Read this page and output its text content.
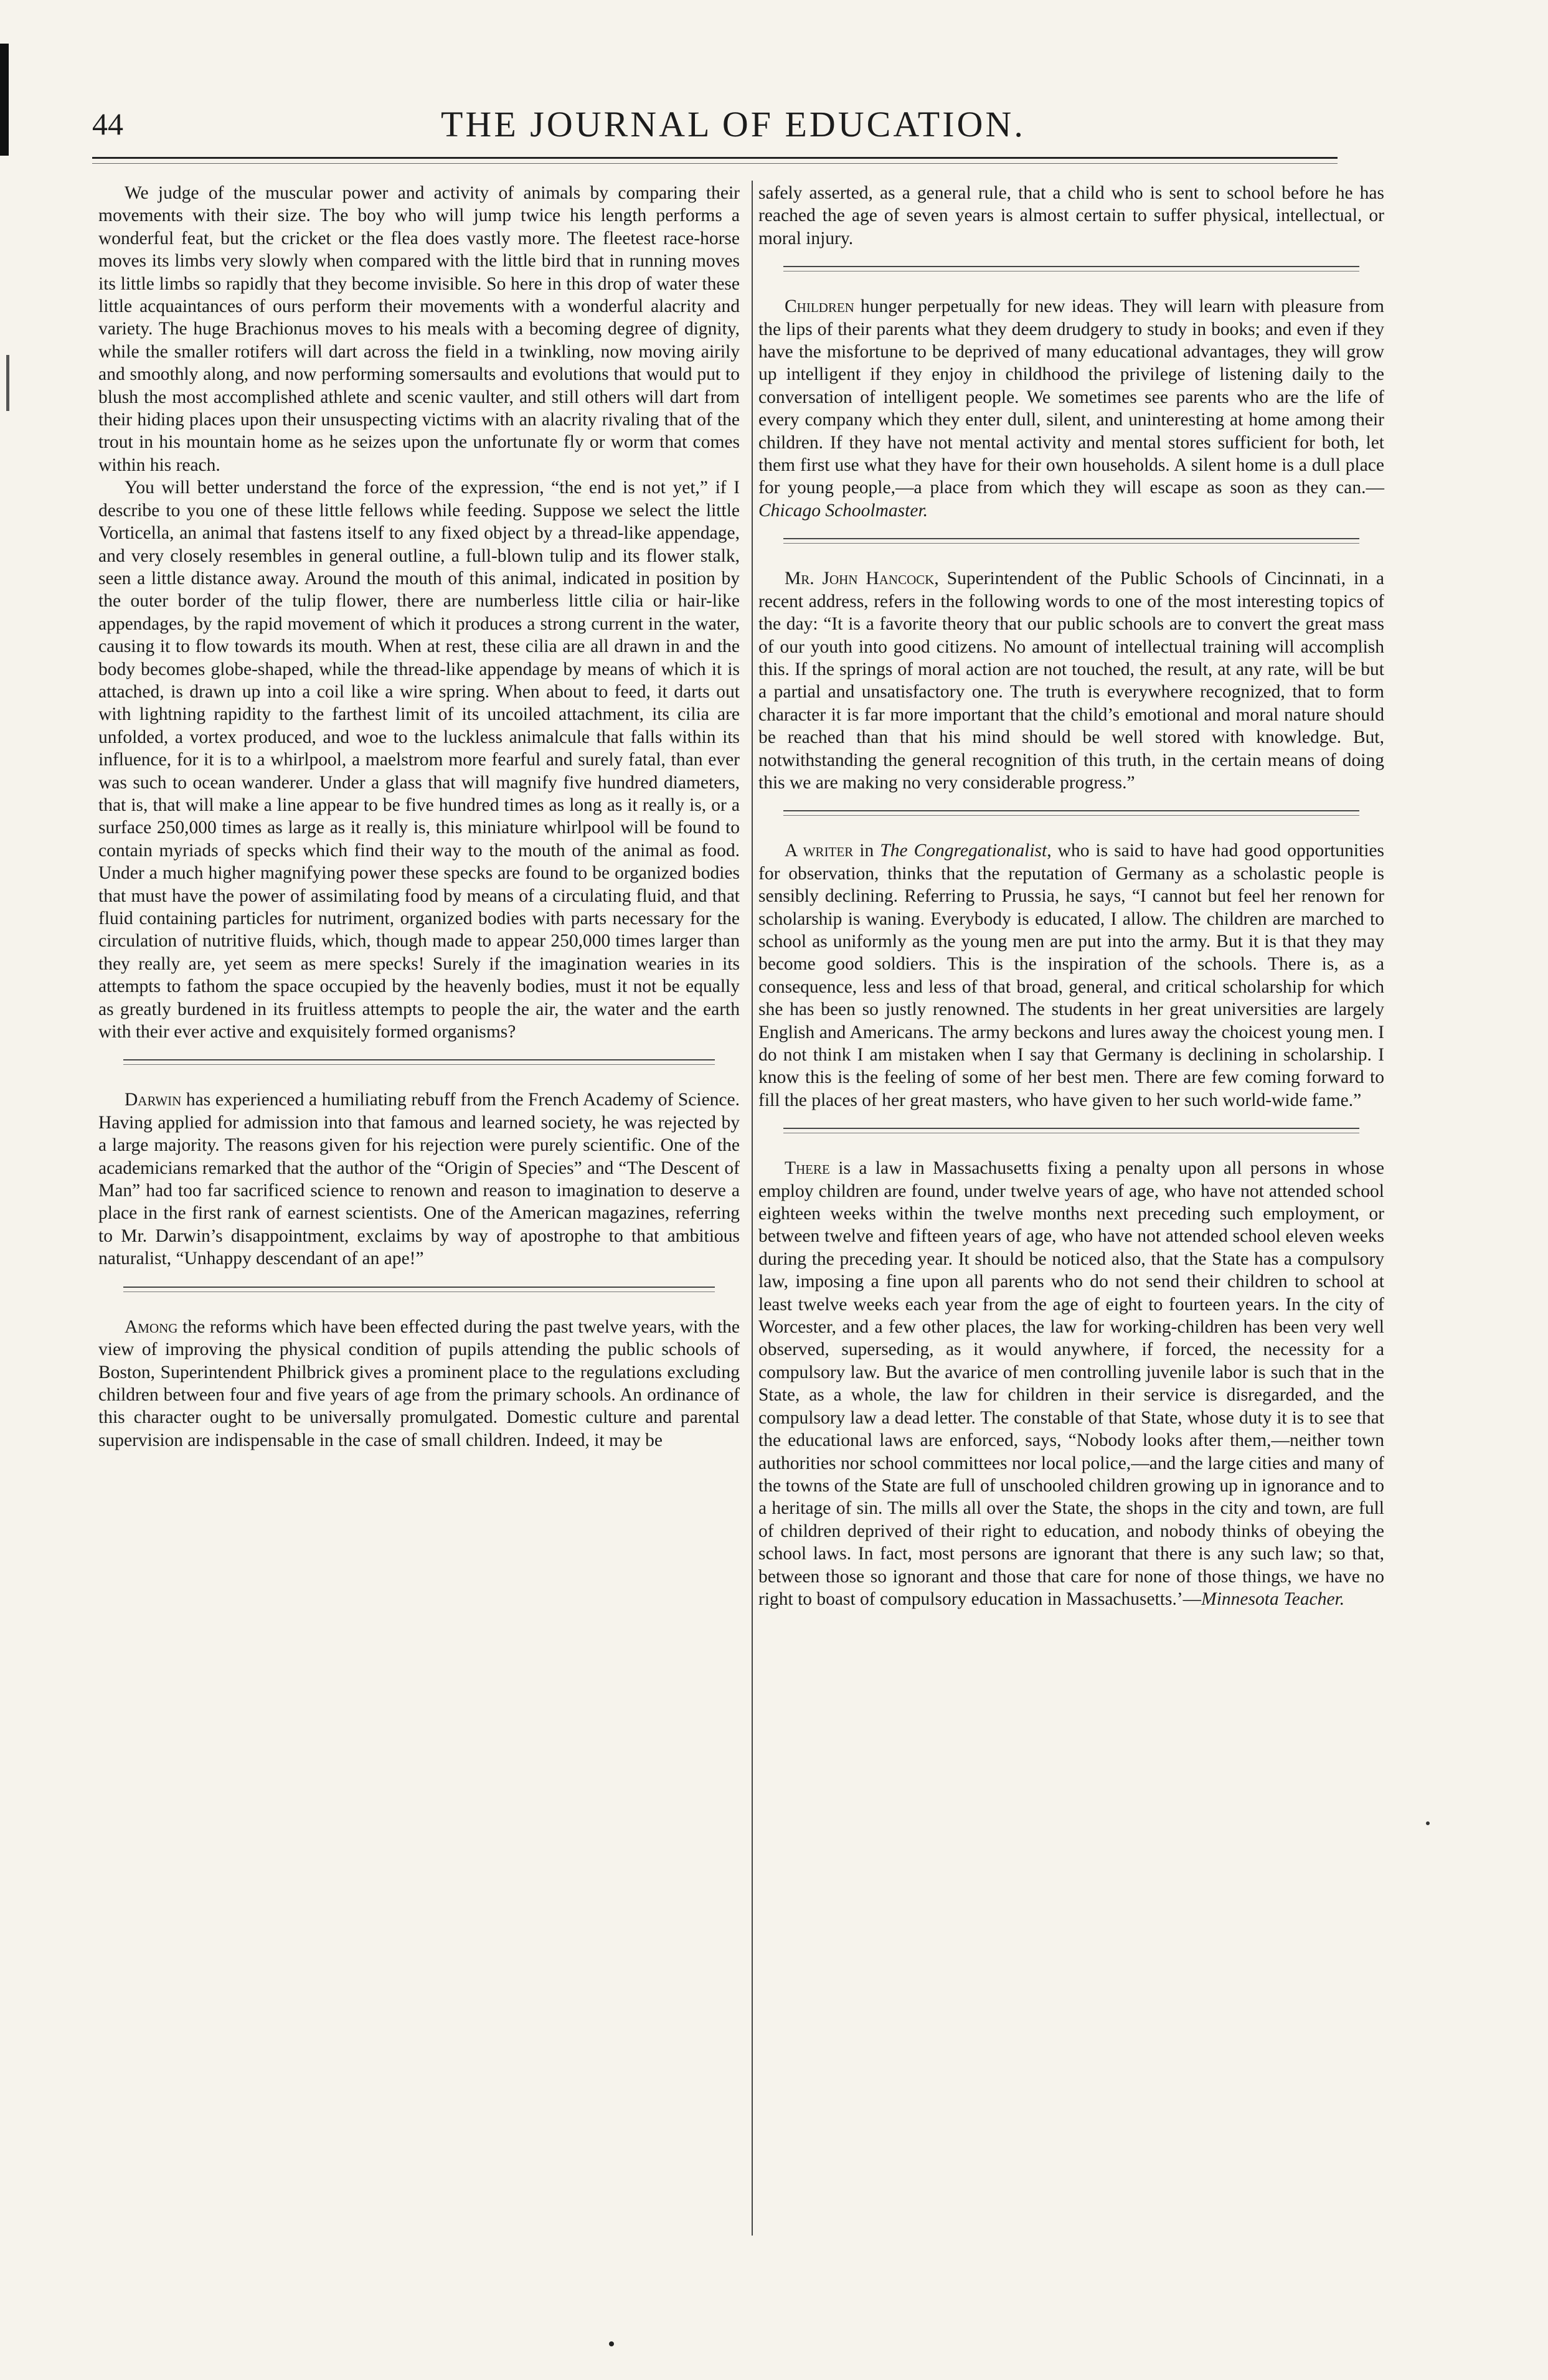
44	THE JOURNAL OF EDUCATION.

We judge of the muscular power and activity of animals by comparing their movements with their size. The boy who will jump twice his length performs a wonderful feat, but the cricket or the flea does vastly more. The fleetest race-horse moves its limbs very slowly when compared with the little bird that in running moves its little limbs so rapidly that they become invisible. So here in this drop of water these little acquaintances of ours perform their movements with a wonderful alacrity and variety. The huge Brachionus moves to his meals with a becoming degree of dignity, while the smaller rotifers will dart across the field in a twinkling, now moving airily and smoothly along, and now performing somersaults and evolutions that would put to blush the most accomplished athlete and scenic vaulter, and still others will dart from their hiding places upon their unsuspecting victims with an alacrity rivaling that of the trout in his mountain home as he seizes upon the unfortunate fly or worm that comes within his reach.

You will better understand the force of the expression, “the end is not yet,” if I describe to you one of these little fellows while feeding. Suppose we select the little Vorticella, an animal that fastens itself to any fixed object by a thread-like appendage, and very closely resembles in general outline, a full-blown tulip and its flower stalk, seen a little distance away. Around the mouth of this animal, indicated in position by the outer border of the tulip flower, there are numberless little cilia or hair-like appendages, by the rapid movement of which it produces a strong current in the water, causing it to flow towards its mouth. When at rest, these cilia are all drawn in and the body becomes globe-shaped, while the thread-like appendage by means of which it is attached, is drawn up into a coil like a wire spring. When about to feed, it darts out with lightning rapidity to the farthest limit of its uncoiled attachment, its cilia are unfolded, a vortex produced, and woe to the luckless animalcule that falls within its influence, for it is to a whirlpool, a maelstrom more fearful and surely fatal, than ever was such to ocean wanderer. Under a glass that will magnify five hundred diameters, that is, that will make a line appear to be five hundred times as long as it really is, or a surface 250,000 times as large as it really is, this miniature whirlpool will be found to contain myriads of specks which find their way to the mouth of the animal as food. Under a much higher magnifying power these specks are found to be organized bodies that must have the power of assimilating food by means of a circulating fluid, and that fluid containing particles for nutriment, organized bodies with parts necessary for the circulation of nutritive fluids, which, though made to appear 250,000 times larger than they really are, yet seem as mere specks! Surely if the imagination wearies in its attempts to fathom the space occupied by the heavenly bodies, must it not be equally as greatly burdened in its fruitless attempts to people the air, the water and the earth with their ever active and exquisitely formed organisms?

Darwin has experienced a humiliating rebuff from the French Academy of Science. Having applied for admission into that famous and learned society, he was rejected by a large majority. The reasons given for his rejection were purely scientific. One of the academicians remarked that the author of the “Origin of Species” and “The Descent of Man” had too far sacrificed science to renown and reason to imagination to deserve a place in the first rank of earnest scientists. One of the American magazines, referring to Mr. Darwin’s disappointment, exclaims by way of apostrophe to that ambitious naturalist, “Unhappy descendant of an ape!”

Among the reforms which have been effected during the past twelve years, with the view of improving the physical condition of pupils attending the public schools of Boston, Superintendent Philbrick gives a prominent place to the regulations excluding children between four and five years of age from the primary schools. An ordinance of this character ought to be universally promulgated. Domestic culture and parental supervision are indispensable in the case of small children. Indeed, it may be

safely asserted, as a general rule, that a child who is sent to school before he has reached the age of seven years is almost certain to suffer physical, intellectual, or moral injury.

Children hunger perpetually for new ideas. They will learn with pleasure from the lips of their parents what they deem drudgery to study in books; and even if they have the misfortune to be deprived of many educational advantages, they will grow up intelligent if they enjoy in childhood the privilege of listening daily to the conversation of intelligent people. We sometimes see parents who are the life of every company which they enter dull, silent, and uninteresting at home among their children. If they have not mental activity and mental stores sufficient for both, let them first use what they have for their own households. A silent home is a dull place for young people,—a place from which they will escape as soon as they can.—Chicago Schoolmaster.

Mr. John Hancock, Superintendent of the Public Schools of Cincinnati, in a recent address, refers in the following words to one of the most interesting topics of the day: “It is a favorite theory that our public schools are to convert the great mass of our youth into good citizens. No amount of intellectual training will accomplish this. If the springs of moral action are not touched, the result, at any rate, will be but a partial and unsatisfactory one. The truth is everywhere recognized, that to form character it is far more important that the child’s emotional and moral nature should be reached than that his mind should be well stored with knowledge. But, notwithstanding the general recognition of this truth, in the certain means of doing this we are making no very considerable progress.”

A writer in The Congregationalist, who is said to have had good opportunities for observation, thinks that the reputation of Germany as a scholastic people is sensibly declining. Referring to Prussia, he says, “I cannot but feel her renown for scholarship is waning. Everybody is educated, I allow. The children are marched to school as uniformly as the young men are put into the army. But it is that they may become good soldiers. This is the inspiration of the schools. There is, as a consequence, less and less of that broad, general, and critical scholarship for which she has been so justly renowned. The students in her great universities are largely English and Americans. The army beckons and lures away the choicest young men. I do not think I am mistaken when I say that Germany is declining in scholarship. I know this is the feeling of some of her best men. There are few coming forward to fill the places of her great masters, who have given to her such world-wide fame.”

There is a law in Massachusetts fixing a penalty upon all persons in whose employ children are found, under twelve years of age, who have not attended school eighteen weeks within the twelve months next preceding such employment, or between twelve and fifteen years of age, who have not attended school eleven weeks during the preceding year. It should be noticed also, that the State has a compulsory law, imposing a fine upon all parents who do not send their children to school at least twelve weeks each year from the age of eight to fourteen years. In the city of Worcester, and a few other places, the law for working-children has been very well observed, superseding, as it would anywhere, if forced, the necessity for a compulsory law. But the avarice of men controlling juvenile labor is such that in the State, as a whole, the law for children in their service is disregarded, and the compulsory law a dead letter. The constable of that State, whose duty it is to see that the educational laws are enforced, says, “Nobody looks after them,—neither town authorities nor school committees nor local police,—and the large cities and many of the towns of the State are full of unschooled children growing up in ignorance and to a heritage of sin. The mills all over the State, the shops in the city and town, are full of children deprived of their right to education, and nobody thinks of obeying the school laws. In fact, most persons are ignorant that there is any such law; so that, between those so ignorant and those that care for none of those things, we have no right to boast of compulsory education in Massachusetts.’—Minnesota Teacher.
